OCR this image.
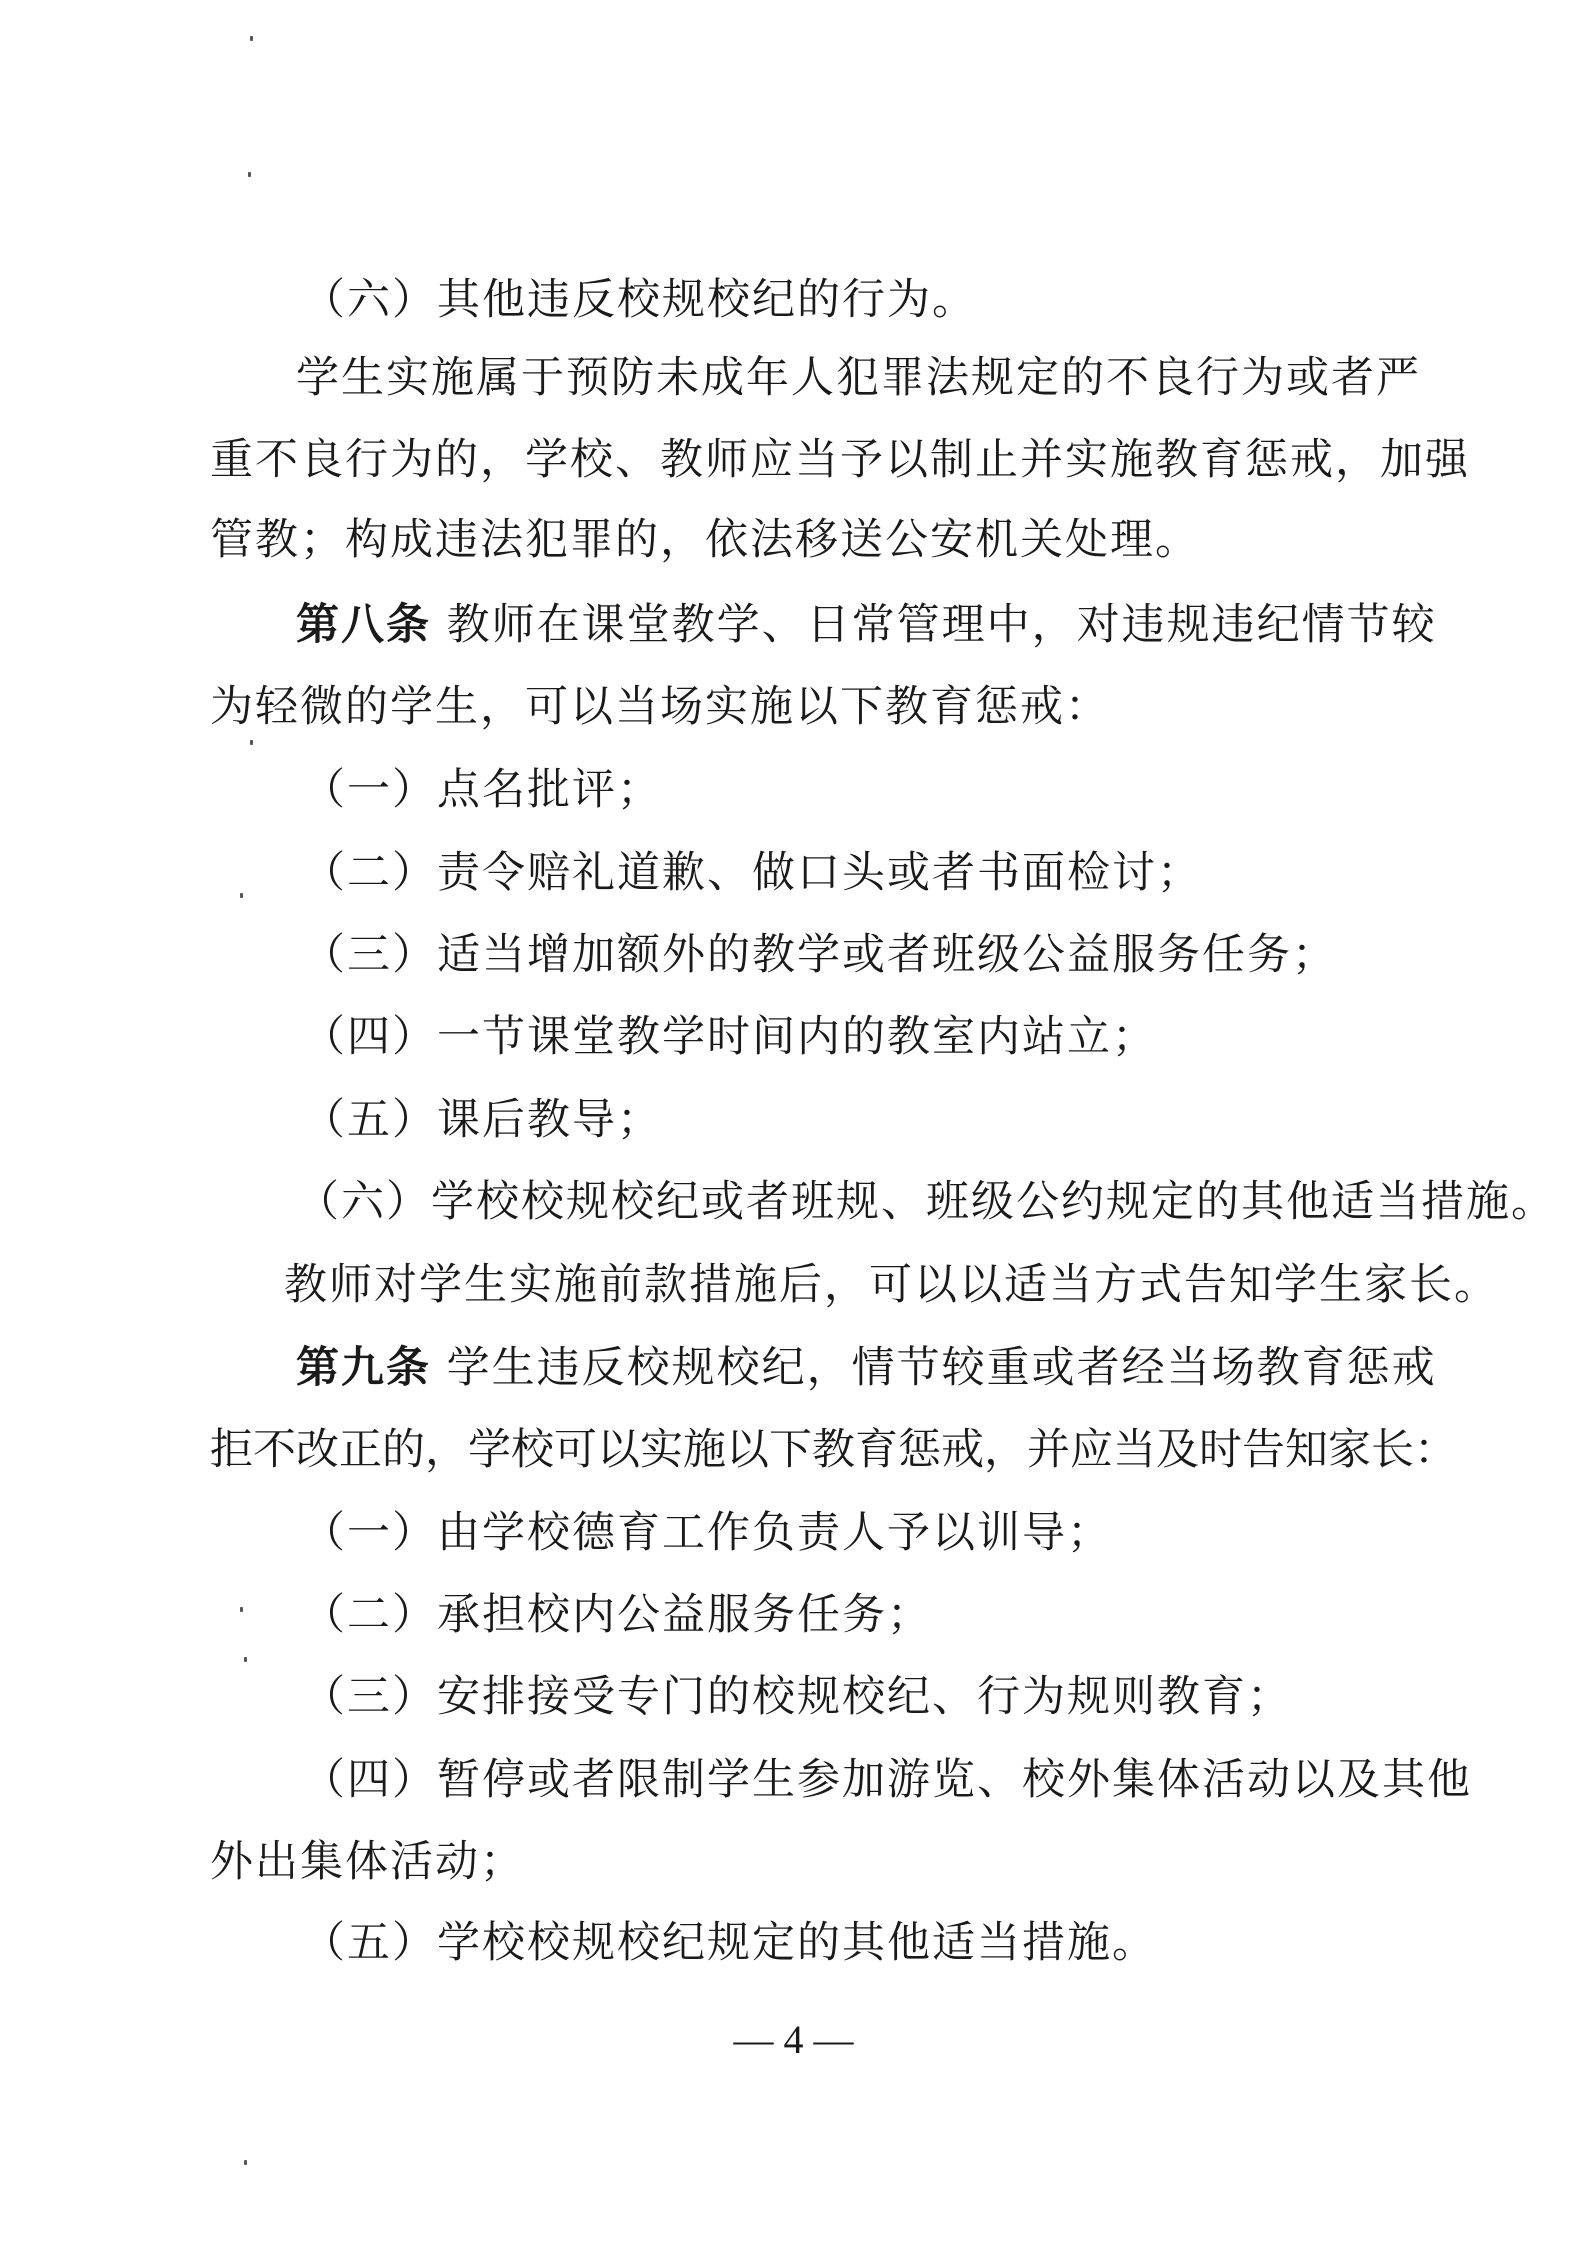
（六）其他违反校规校纪的行为。
学生实施属于预防未成年人犯罪法规定的不良行为或者严
重不良行为的，学校、教师应当予以制止并实施教育惩戒，加强
管教；构成违法犯罪的，依法移送公安机关处理。
第八条 教师在课堂教学、日常管理中，对违规违纪情节较
为轻微的学生，可以当场实施以下教育惩戒：
（一）点名批评；
（二）责令赔礼道歉、做口头或者书面检讨；
（三）适当增加额外的教学或者班级公益服务任务；
（四）一节课堂教学时间内的教室内站立；
（五）课后教导；
（六）学校校规校纪或者班规、班级公约规定的其他适当措施。
教师对学生实施前款措施后，可以以适当方式告知学生家长。
第九条 学生违反校规校纪，情节较重或者经当场教育惩戒
拒不改正的，学校可以实施以下教育惩戒，并应当及时告知家长：
（一）由学校德育工作负责人予以训导；
（二）承担校内公益服务任务；
（三）安排接受专门的校规校纪、行为规则教育；
（四）暂停或者限制学生参加游览、校外集体活动以及其他
外出集体活动；
（五）学校校规校纪规定的其他适当措施。
— 4 —
